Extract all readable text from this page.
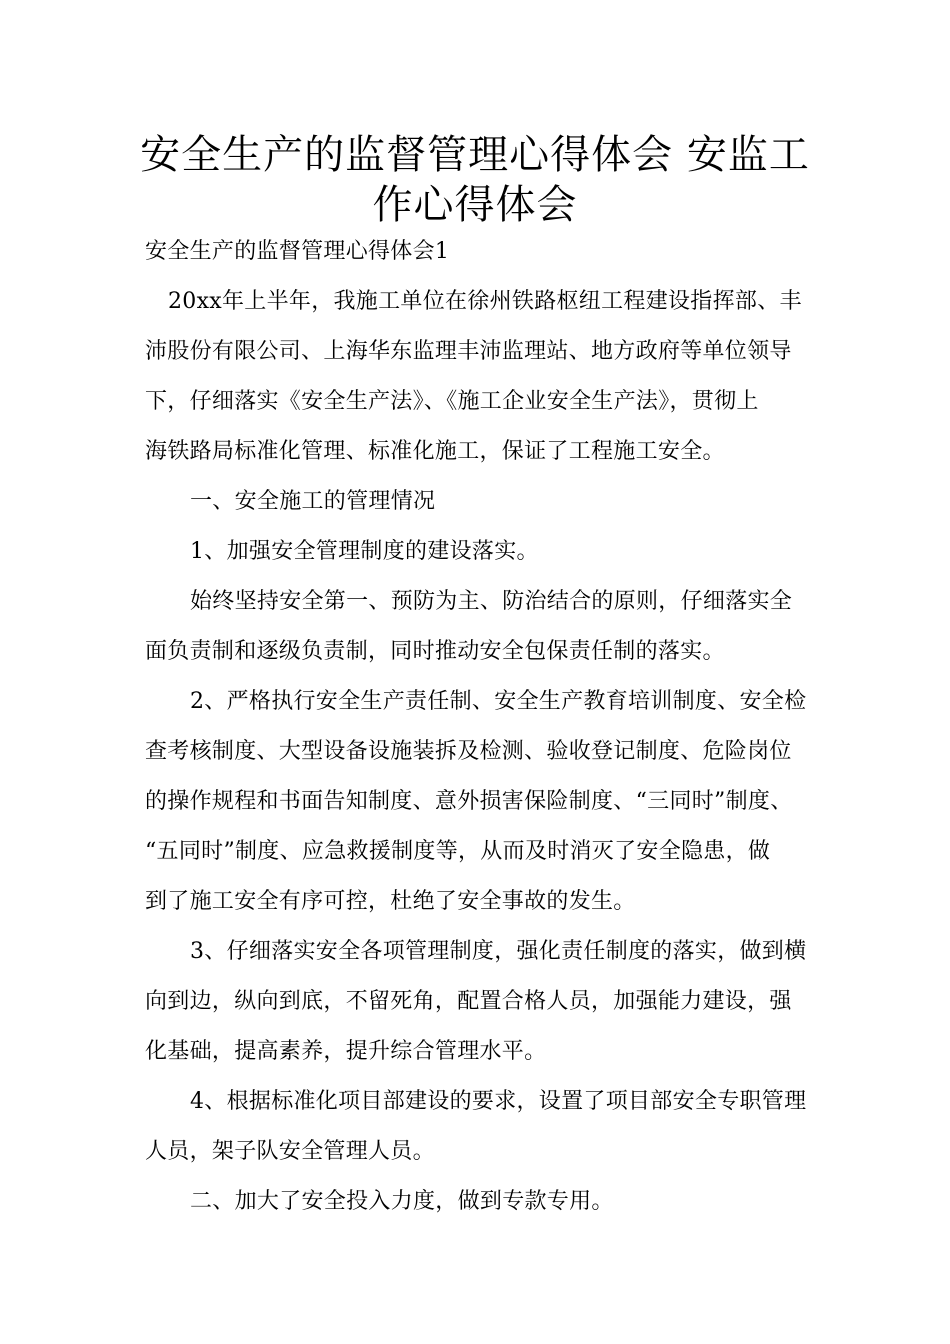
安全生产的监督管理心得体会 安监工
作心得体会
安全生产的监督管理心得体会1
20xx年上半年，我施工单位在徐州铁路枢纽工程建设指挥部、丰
沛股份有限公司、上海华东监理丰沛监理站、地方政府等单位领导
下，仔细落实《安全生产法》、《施工企业安全生产法》，贯彻上
海铁路局标准化管理、标准化施工，保证了工程施工安全。
一、安全施工的管理情况
1、加强安全管理制度的建设落实。
始终坚持安全第一、预防为主、防治结合的原则，仔细落实全
面负责制和逐级负责制，同时推动安全包保责任制的落实。
2、严格执行安全生产责任制、安全生产教育培训制度、安全检
查考核制度、大型设备设施装拆及检测、验收登记制度、危险岗位
的操作规程和书面告知制度、意外损害保险制度、“三同时”制度、
“五同时”制度、应急救援制度等，从而及时消灭了安全隐患，做
到了施工安全有序可控，杜绝了安全事故的发生。
3、仔细落实安全各项管理制度，强化责任制度的落实，做到横
向到边，纵向到底，不留死角，配置合格人员，加强能力建设，强
化基础，提高素养，提升综合管理水平。
4、根据标准化项目部建设的要求，设置了项目部安全专职管理
人员，架子队安全管理人员。
二、加大了安全投入力度，做到专款专用。
